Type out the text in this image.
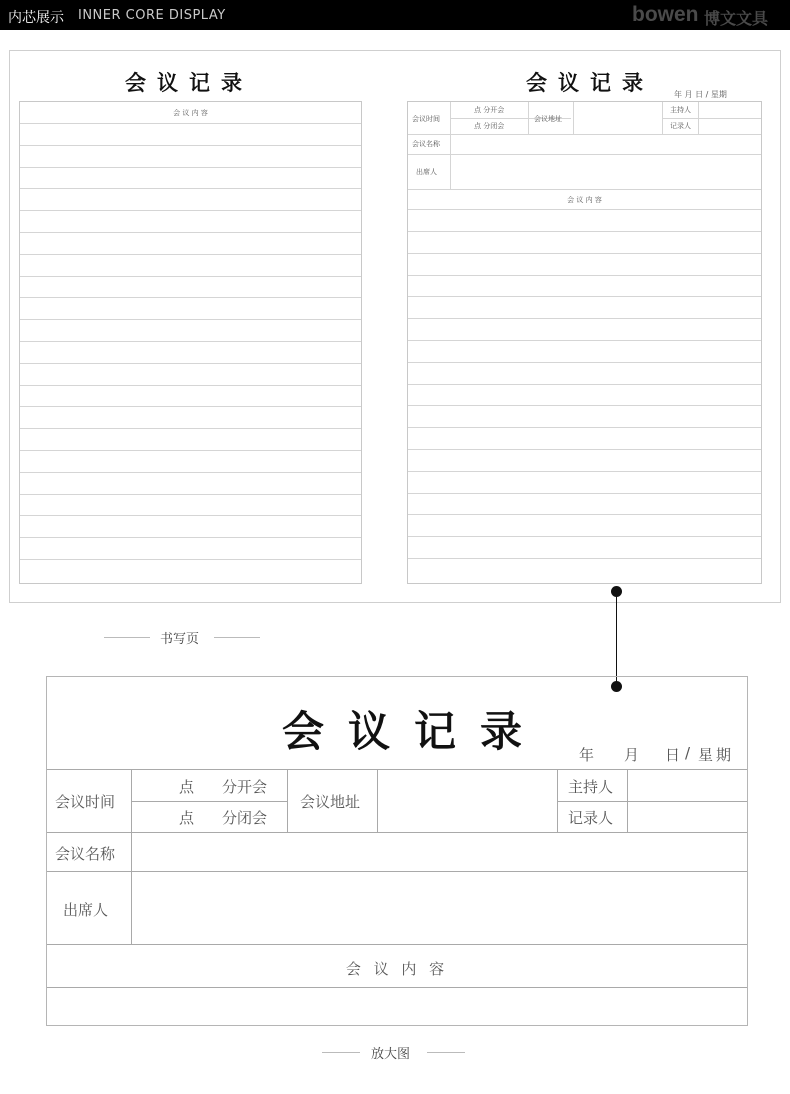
内芯展示 INNER CORE DISPLAY	bowen 博文文具
会议记录
会 议 内 容
会议记录	年 月 日 / 星期
会议时间
点 分开会
点 分闭会
会议地址
主持人
记录人
会议名称
出席人
会 议 内 容
书写页
会议记录 年 月 日 / 星期
会议时间
点 分开会
点 分闭会
会议地址
主持人
记录人
会议名称
出席人
会 议 内 容
放大图
